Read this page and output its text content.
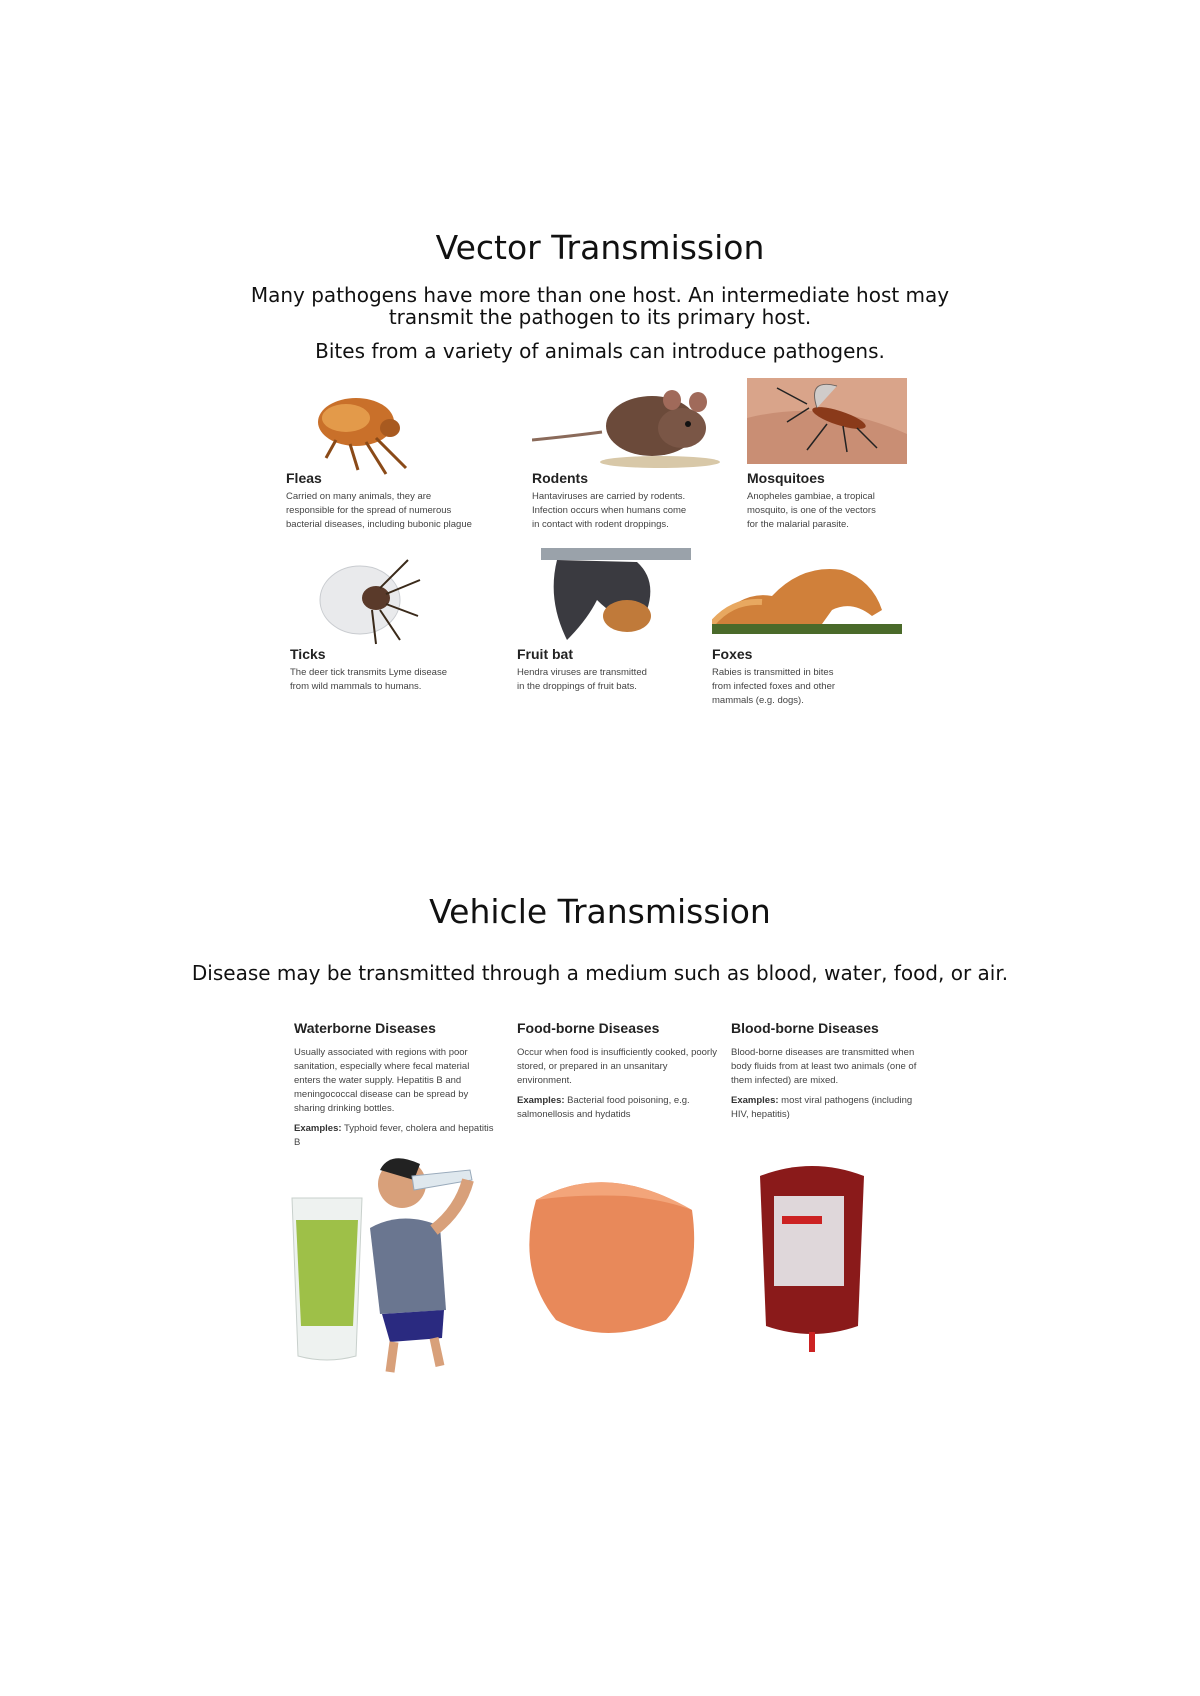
Vector Transmission

Many pathogens have more than one host. An intermediate host may

transmit the pathogen to its primary host.

Bites from a variety of animals can introduce pathogens.

Fleas
Carried on many animals, they are
responsible for the spread of numerous
bacterial diseases, including bubonic plague
Rodents
Hantaviruses are carried by rodents.
Infection occurs when humans come
in contact with rodent droppings.
Mosquitoes
Anopheles gambiae, a tropical
mosquito, is one of the vectors
for the malarial parasite.
Ticks
The deer tick transmits Lyme disease
from wild mammals to humans.
Fruit bat
Hendra viruses are transmitted
in the droppings of fruit bats.
Foxes
Rabies is transmitted in bites
from infected foxes and other
mammals (e.g. dogs).
Vehicle Transmission

Disease may be transmitted through a medium such as blood, water, food, or air.

Waterborne Diseases

Usually associated with regions with poor sanitation, especially where fecal material enters the water supply. Hepatitis B and meningococcal disease can be spread by sharing drinking bottles.

Examples: Typhoid fever, cholera and hepatitis B

Food-borne Diseases

Occur when food is insufficiently cooked, poorly stored, or prepared in an unsanitary environment.

Examples: Bacterial food poisoning, e.g. salmonellosis and hydatids

Blood-borne Diseases

Blood-borne diseases are transmitted when body fluids from at least two animals (one of them infected) are mixed.

Examples: most viral pathogens (including HIV, hepatitis)
